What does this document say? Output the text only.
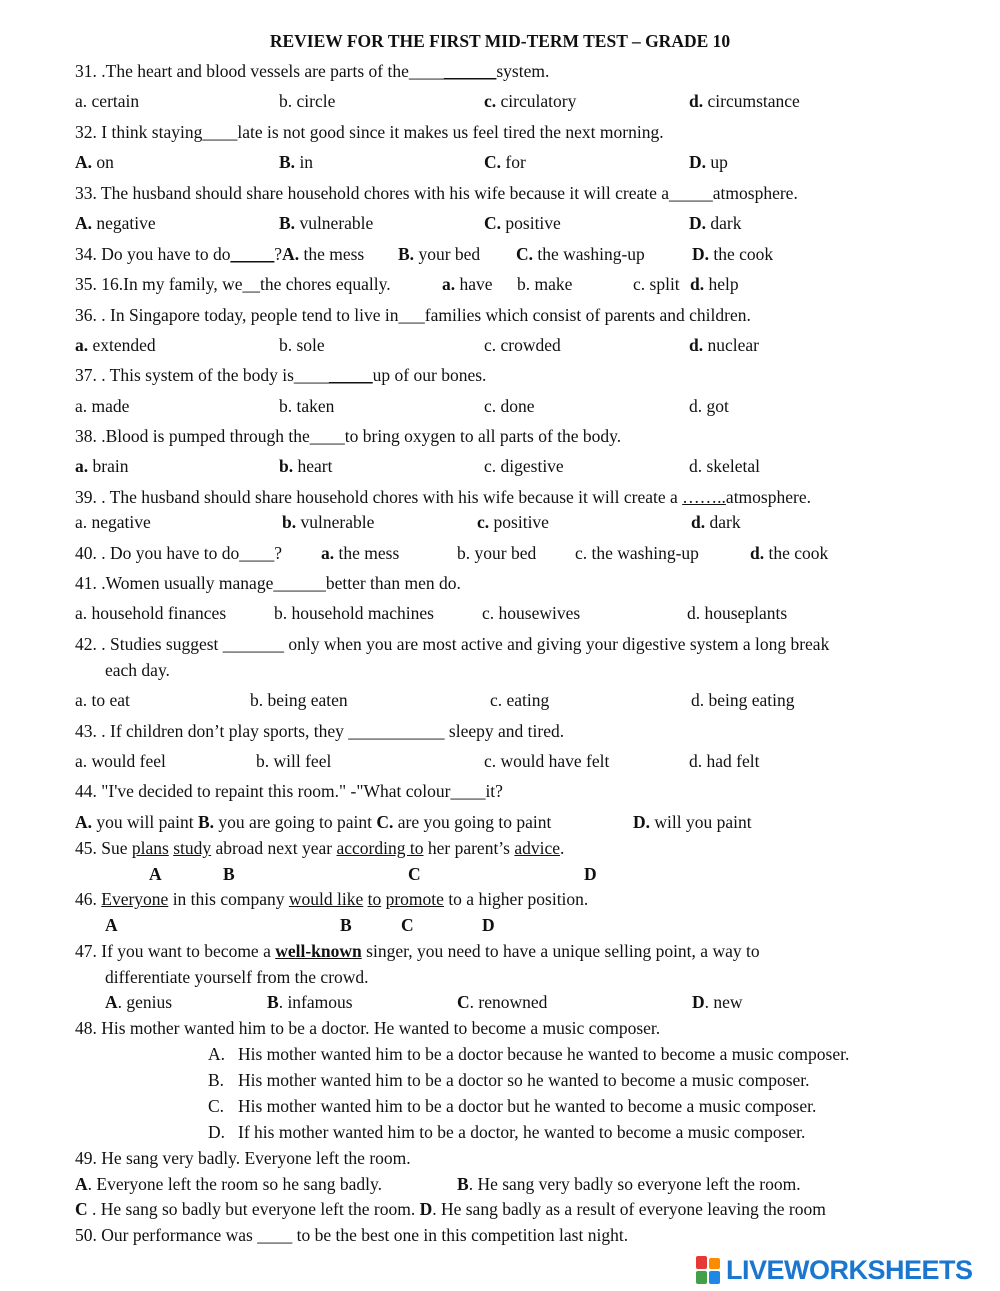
REVIEW FOR THE FIRST MID-TERM TEST – GRADE 10
31. .The heart and blood vessels are parts of the__________system.
a. certain	b. circle	c. circulatory	d. circumstance
32. I think staying____late is not good since it makes us feel tired the next morning.
A. on	B. in	C. for	D. up
33. The husband should share household chores with his wife because it will create a_____atmosphere.
A. negative	B. vulnerable	C. positive	D. dark
34. Do you have to do_____?A. the mess B. your bed C. the washing-up	D. the cook
35. 16.In my family, we__the chores equally.	a. have b. make	c. split d. help
36. . In Singapore today, people tend to live in___families which consist of parents and children.
a. extended	b. sole	c. crowded	d. nuclear
37. . This system of the body is_________up of our bones.
a. made	b. taken	c. done	d. got
38. .Blood is pumped through the____to bring oxygen to all parts of the body.
a. brain	b. heart	c. digestive	d. skeletal
39. . The husband should share household chores with his wife because it will create a ……..atmosphere.
a. negative	b. vulnerable	c. positive	d. dark
40. . Do you have to do____? a. the mess	b. your bed c. the washing-up	d. the cook
41. .Women usually manage______better than men do.
a. household finances	b. household machines	c. housewives	d. houseplants
42. . Studies suggest _______ only when you are most active and giving your digestive system a long break
each day.
a. to eat	b. being eaten	c. eating	d. being eating
43. . If children don’t play sports, they ___________ sleepy and tired.
a. would feel	b. will feel	c. would have felt	d. had felt
44. "I've decided to repaint this room." -"What colour____it?
A. you will paint B. you are going to paint C. are you going to paint	D. will you paint
45. Sue plans study abroad next year according to her parent’s advice.
A	B	C	D
46. Everyone in this company would like to promote to a higher position.
A	B	C	D
47. If you want to become a well-known singer, you need to have a unique selling point, a way to
differentiate yourself from the crowd.
A. genius	B. infamous	C. renowned	D. new
48. His mother wanted him to be a doctor. He wanted to become a music composer.
A. His mother wanted him to be a doctor because he wanted to become a music composer.
B. His mother wanted him to be a doctor so he wanted to become a music composer.
C. His mother wanted him to be a doctor but he wanted to become a music composer.
D. If his mother wanted him to be a doctor, he wanted to become a music composer.
49. He sang very badly. Everyone left the room.
A. Everyone left the room so he sang badly.	B. He sang very badly so everyone left the room.
C . He sang so badly but everyone left the room. D. He sang badly as a result of everyone leaving the room
50. Our performance was ____ to be the best one in this competition last night.
LIVEWORKSHEETS
